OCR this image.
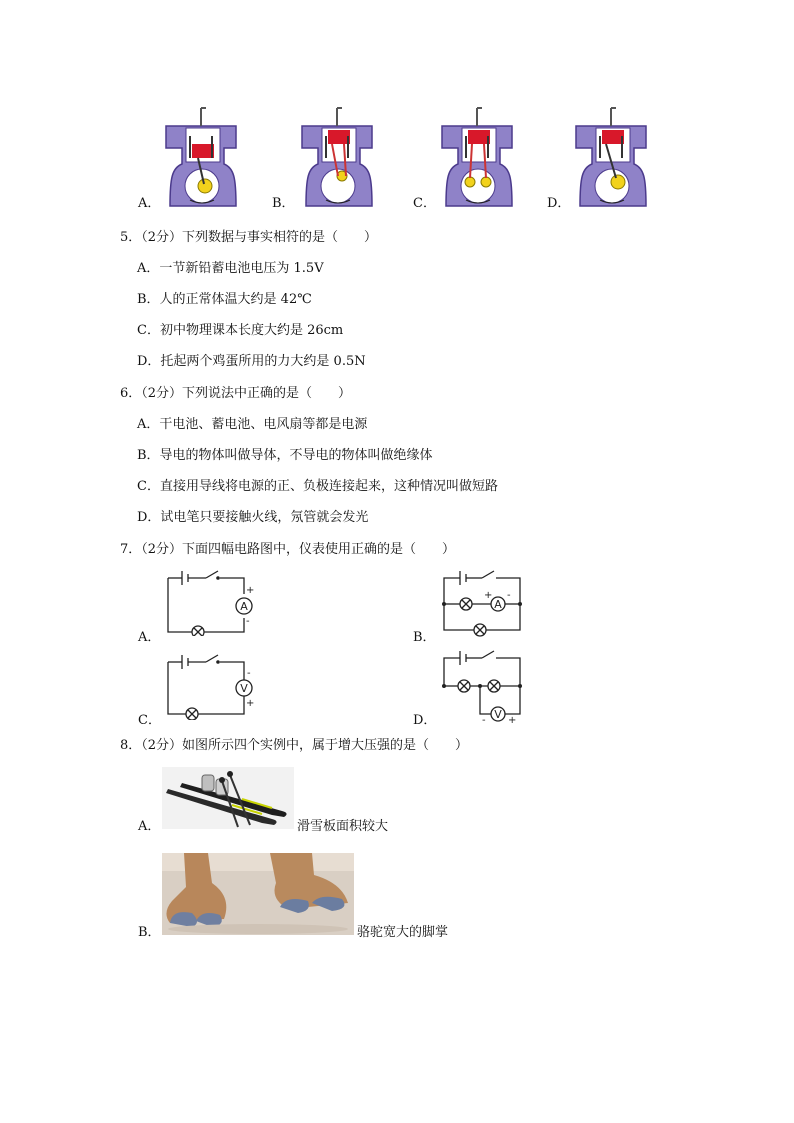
A．	B．	C．	D．
5．（2分）下列数据与事实相符的是（　　）
A．一节新铅蓄电池电压为 1.5V
B．人的正常体温大约是 42℃
C．初中物理课本长度大约是 26cm
D．托起两个鸡蛋所用的力大约是 0.5N
6．（2分）下列说法中正确的是（　　）
A．干电池、蓄电池、电风扇等都是电源
B．导电的物体叫做导体，不导电的物体叫做绝缘体
C．直接用导线将电源的正、负极连接起来，这种情况叫做短路
D．试电笔只要接触火线，氖管就会发光
7．（2分）下面四幅电路图中，仪表使用正确的是（　　）
A
+
-
A．
A
+ -
B．
V
-
+
C．	V
- +
D．
8．（2分）如图所示四个实例中，属于增大压强的是（　　）
A．	滑雪板面积较大
B．	骆驼宽大的脚掌
